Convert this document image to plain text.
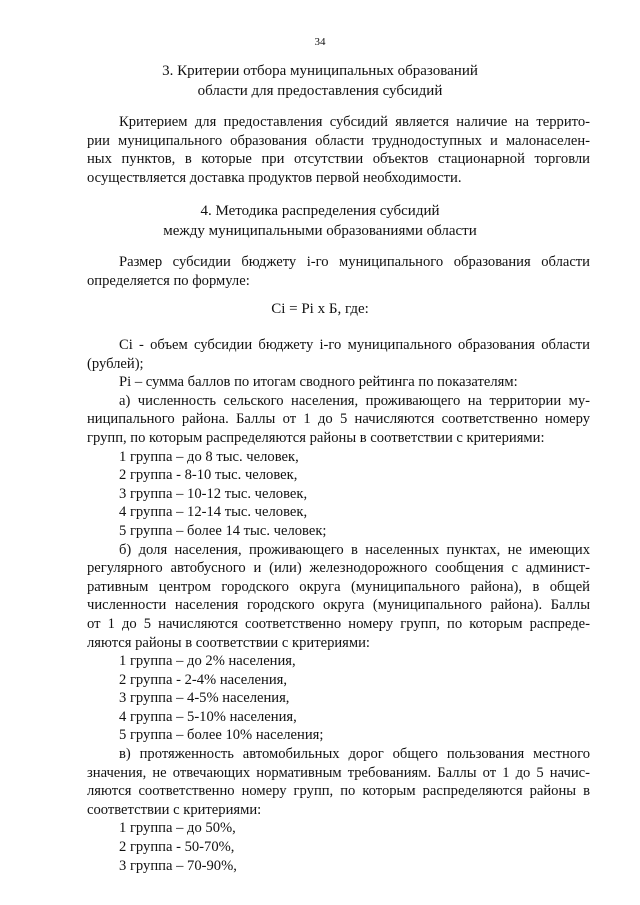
34
3. Критерии отбора муниципальных образований
области для предоставления субсидий
Критерием для предоставления субсидий является наличие на террито-
рии муниципального образования области труднодоступных и малонаселен-
ных пунктов, в которые при отсутствии объектов стационарной торговли
осуществляется доставка продуктов первой необходимости.
4. Методика распределения субсидий
между муниципальными образованиями области
Размер субсидии бюджету і-го муниципального образования области
определяется по формуле:
Сi = Рi х Б, где:
Сi - объем субсидии бюджету і-го муниципального образования области
(рублей);
Рi – сумма баллов по итогам сводного рейтинга по показателям:
а) численность сельского населения, проживающего на территории му-
ниципального района. Баллы от 1 до 5 начисляются соответственно номеру
групп, по которым распределяются районы в соответствии с критериями:
1 группа – до 8 тыс. человек,
2 группа - 8-10 тыс. человек,
3 группа – 10-12 тыс. человек,
4 группа – 12-14 тыс. человек,
5 группа – более 14 тыс. человек;
б) доля населения, проживающего в населенных пунктах, не имеющих
регулярного автобусного и (или) железнодорожного сообщения с админист-
ративным центром городского округа (муниципального района), в общей
численности населения городского округа (муниципального района). Баллы
от 1 до 5 начисляются соответственно номеру групп, по которым распреде-
ляются районы в соответствии с критериями:
1 группа – до 2% населения,
2 группа - 2-4% населения,
3 группа – 4-5% населения,
4 группа – 5-10% населения,
5 группа – более 10% населения;
в) протяженность автомобильных дорог общего пользования местного
значения, не отвечающих нормативным требованиям. Баллы от 1 до 5 начис-
ляются соответственно номеру групп, по которым распределяются районы в
соответствии с критериями:
1 группа – до 50%,
2 группа - 50-70%,
3 группа – 70-90%,
